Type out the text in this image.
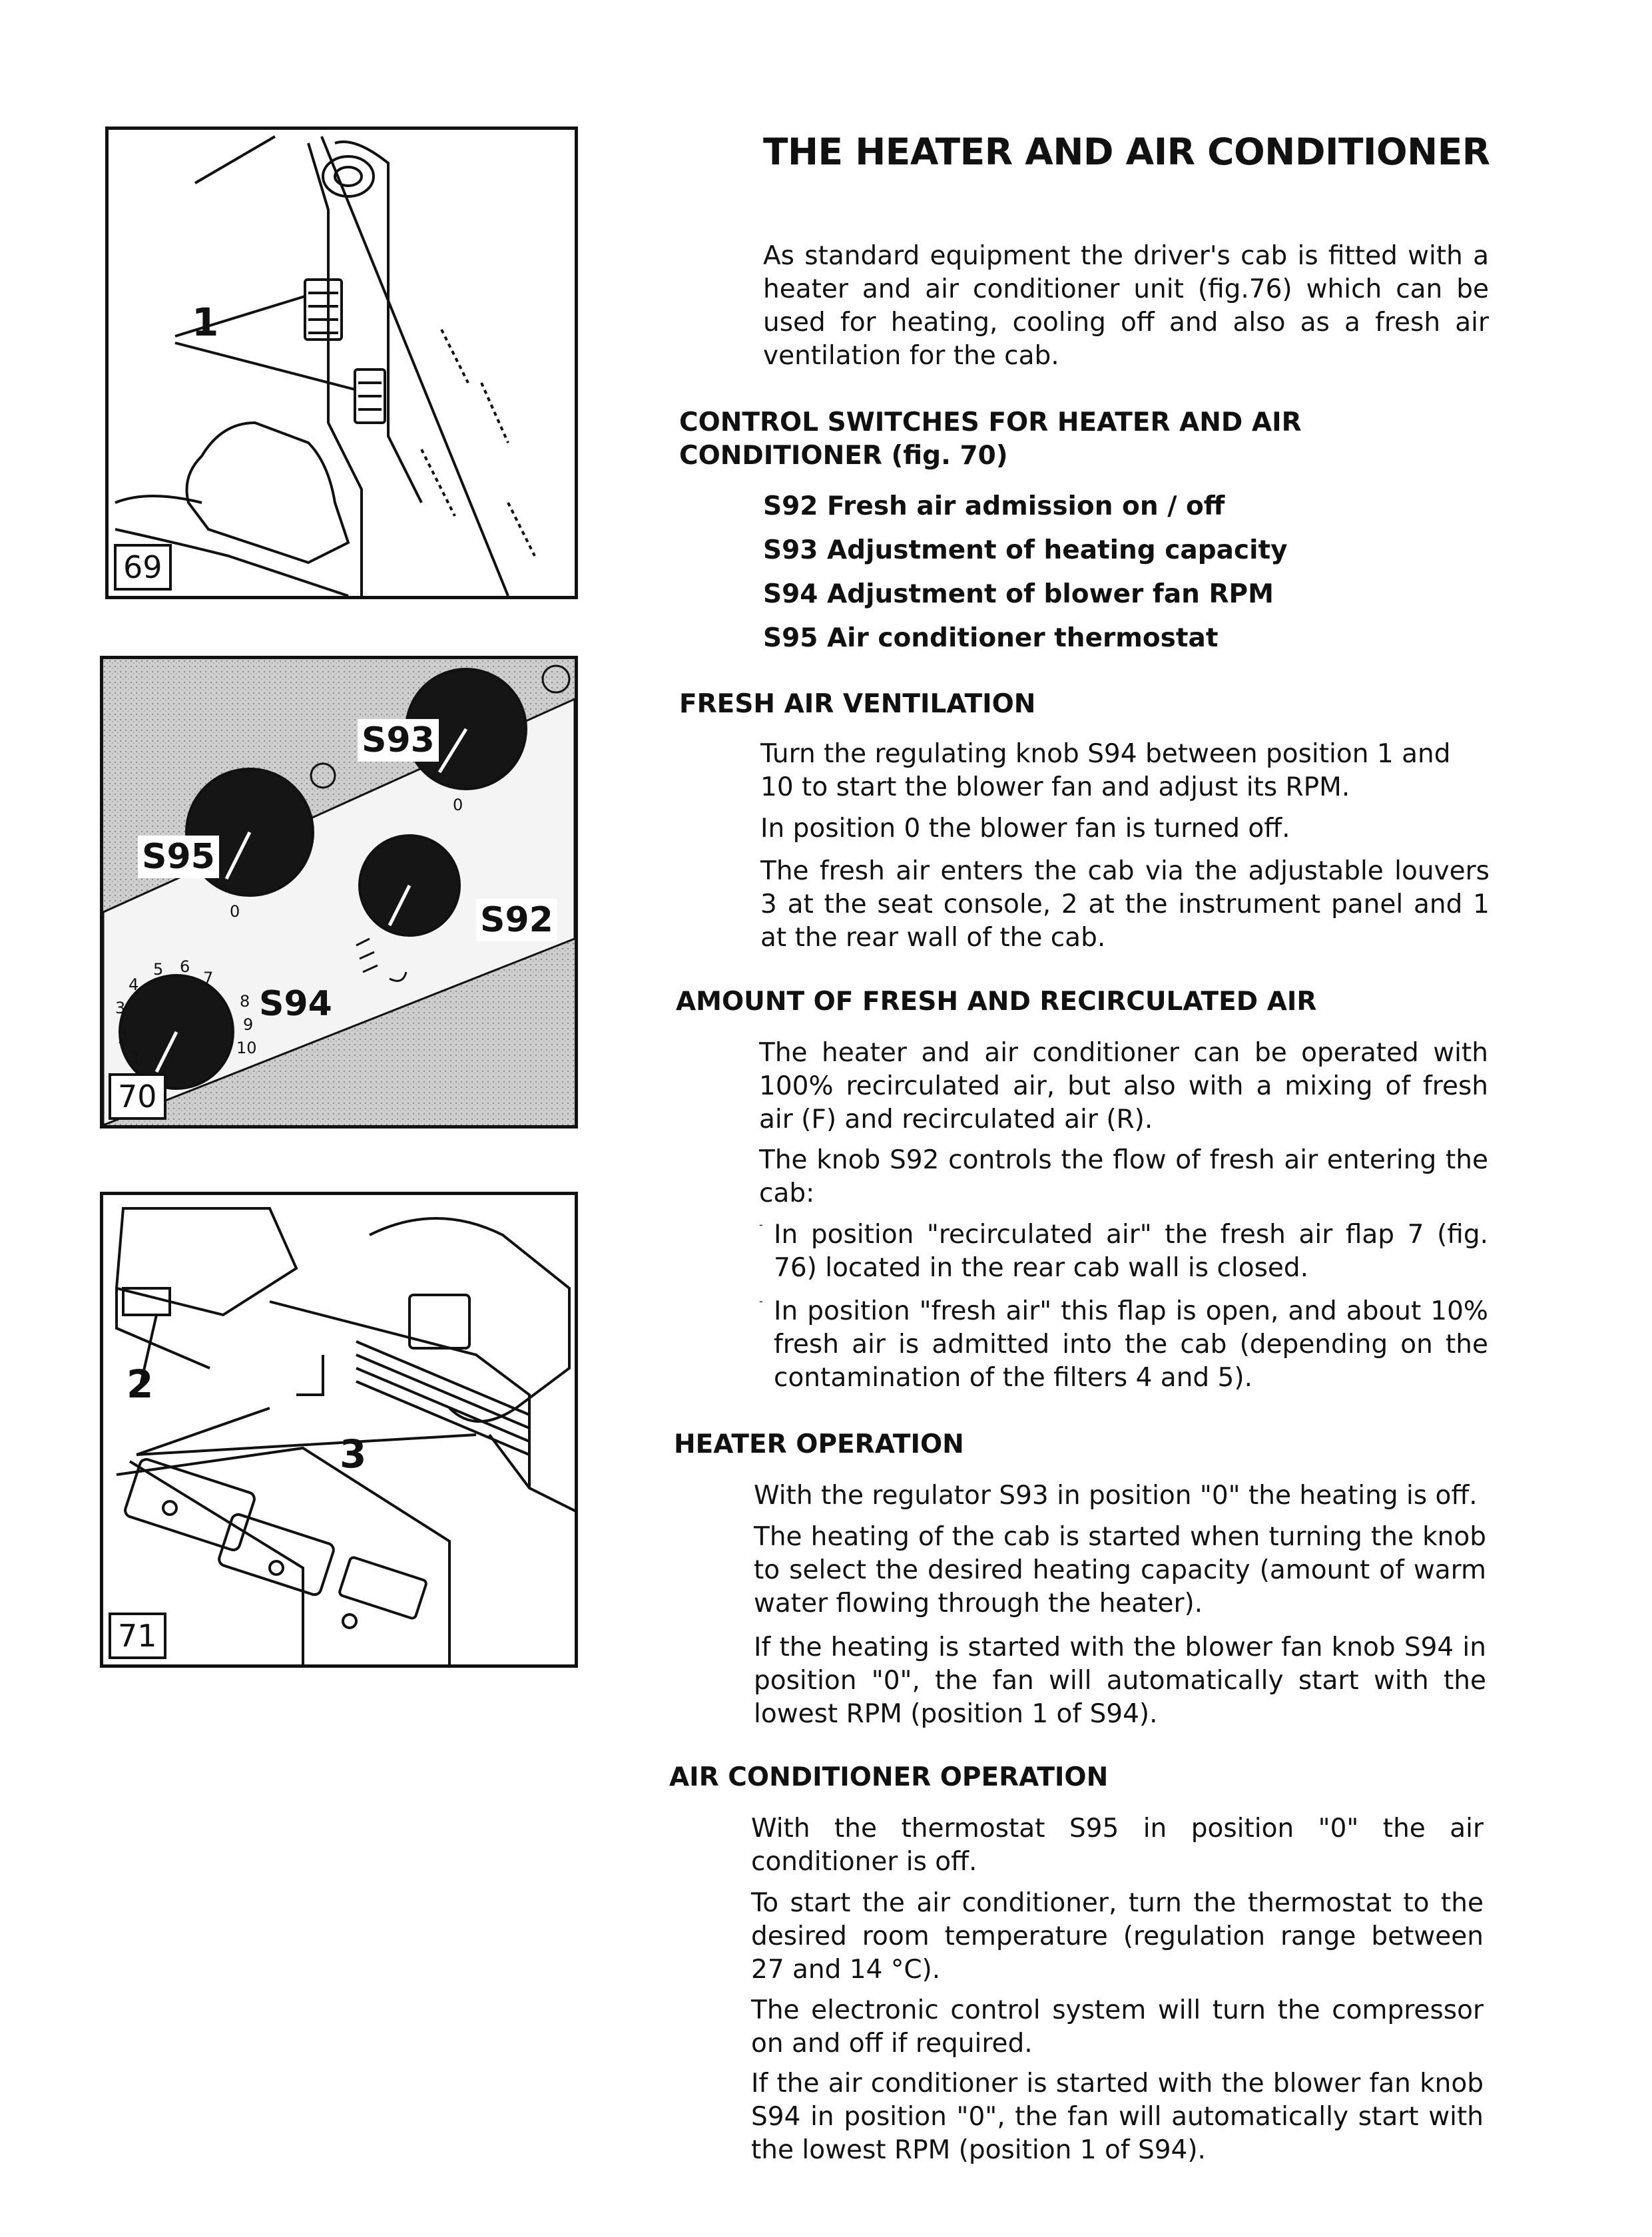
1
69
S93
S95
S92
S94
0
0
1
2
3
4
5 6
7
8
9
10
70
2
3
71
THE HEATER AND AIR CONDITIONER

As standard equipment the driver's cab is fitted with a heater and air conditioner unit (fig.76) which can be used for heating, cooling off and also as a fresh air ventilation for the cab.

CONTROL SWITCHES FOR HEATER AND AIR CONDITIONER (fig. 70)

S92 Fresh air admission on / off
S93 Adjustment of heating capacity
S94 Adjustment of blower fan RPM
S95 Air conditioner thermostat

FRESH AIR VENTILATION

Turn the regulating knob S94 between position 1 and 10 to start the blower fan and adjust its RPM.

In position 0 the blower fan is turned off.

The fresh air enters the cab via the adjustable louvers 3 at the seat console, 2 at the instrument panel and 1 at the rear wall of the cab.

AMOUNT OF FRESH AND RECIRCULATED AIR

The heater and air conditioner can be operated with 100% recirculated air, but also with a mixing of fresh air (F) and recirculated air (R).

The knob S92 controls the flow of fresh air entering the cab:

- In position "recirculated air" the fresh air flap 7 (fig. 76) located in the rear cab wall is closed.

- In position "fresh air" this flap is open, and about 10% fresh air is admitted into the cab (depending on the contamination of the filters 4 and 5).

HEATER OPERATION

With the regulator S93 in position "0" the heating is off.

The heating of the cab is started when turning the knob to select the desired heating capacity (amount of warm water flowing through the heater).

If the heating is started with the blower fan knob S94 in position "0", the fan will automatically start with the lowest RPM (position 1 of S94).

AIR CONDITIONER OPERATION

With the thermostat S95 in position "0" the air conditioner is off.

To start the air conditioner, turn the thermostat to the desired room temperature (regulation range between 27 and 14 °C).

The electronic control system will turn the compressor on and off if required.

If the air conditioner is started with the blower fan knob S94 in position "0", the fan will automatically start with the lowest RPM (position 1 of S94).
